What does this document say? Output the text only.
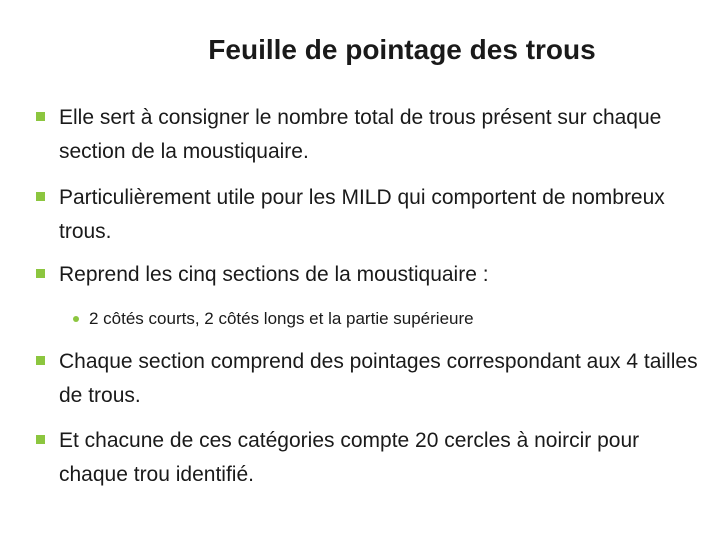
Feuille de pointage des trous
Elle sert à consigner le nombre total de trous présent sur chaque section de la moustiquaire.
Particulièrement utile pour les MILD qui comportent de nombreux trous.
Reprend les cinq sections de la moustiquaire :
2 côtés courts, 2 côtés longs et la partie supérieure
Chaque section comprend des pointages correspondant aux 4 tailles de trous.
Et chacune de ces catégories compte 20 cercles à noircir pour chaque trou identifié.
